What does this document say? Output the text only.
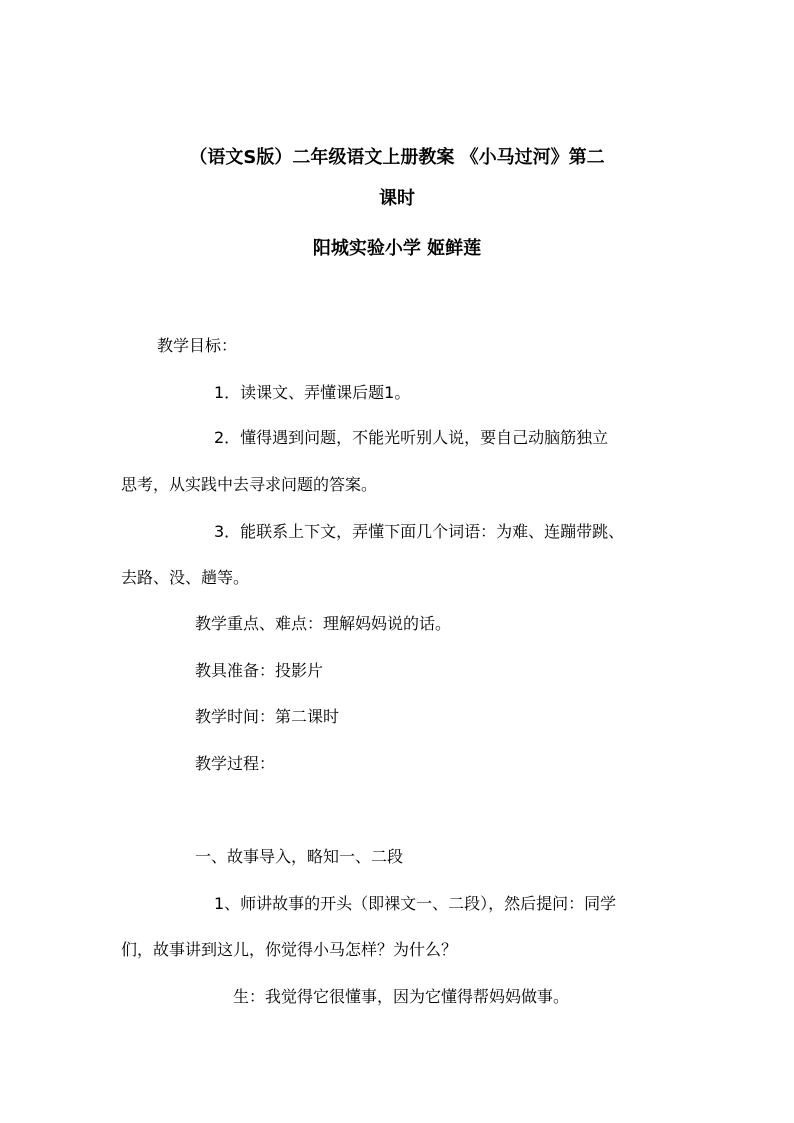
（语文S版）二年级语文上册教案 《小马过河》第二
课时
阳城实验小学 姬鲜莲
教学目标：
1．读课文、弄懂课后题1。
2．懂得遇到问题，不能光听别人说，要自己动脑筋独立
思考，从实践中去寻求问题的答案。
3．能联系上下文，弄懂下面几个词语：为难、连蹦带跳、
去路、没、趟等。
教学重点、难点：理解妈妈说的话。
教具准备：投影片
教学时间：第二课时
教学过程：
一、故事导入，略知一、二段
1、师讲故事的开头（即裸文一、二段），然后提问：同学
们，故事讲到这儿，你觉得小马怎样？为什么？
生：我觉得它很懂事，因为它懂得帮妈妈做事。
